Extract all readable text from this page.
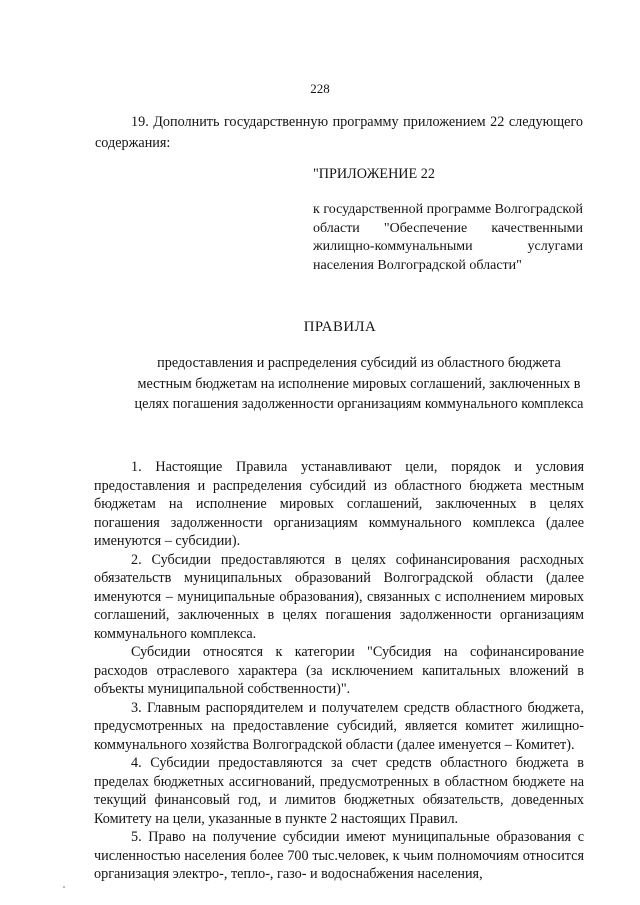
228

19. Дополнить государственную программу приложением 22 следующего содержания:

"ПРИЛОЖЕНИЕ 22
к государственной программе Волгоградской области "Обеспечение качественными жилищно-коммунальными услугами населения Волгоградской области"
ПРАВИЛА
предоставления и распределения субсидий из областного бюджета местным бюджетам на исполнение мировых соглашений, заключенных в целях погашения задолженности организациям коммунального комплекса

1. Настоящие Правила устанавливают цели, порядок и условия предоставления и распределения субсидий из областного бюджета местным бюджетам на исполнение мировых соглашений, заключенных в целях погашения задолженности организациям коммунального комплекса (далее именуются – субсидии).

2. Субсидии предоставляются в целях софинансирования расходных обязательств муниципальных образований Волгоградской области (далее именуются – муниципальные образования), связанных с исполнением мировых соглашений, заключенных в целях погашения задолженности организациям коммунального комплекса.

Субсидии относятся к категории "Субсидия на софинансирование расходов отраслевого характера (за исключением капитальных вложений в объекты муниципальной собственности)".

3. Главным распорядителем и получателем средств областного бюджета, предусмотренных на предоставление субсидий, является комитет жилищно-коммунального хозяйства Волгоградской области (далее именуется – Комитет).

4. Субсидии предоставляются за счет средств областного бюджета в пределах бюджетных ассигнований, предусмотренных в областном бюджете на текущий финансовый год, и лимитов бюджетных обязательств, доведенных Комитету на цели, указанные в пункте 2 настоящих Правил.

5. Право на получение субсидии имеют муниципальные образования с численностью населения более 700 тыс.человек, к чьим полномочиям относится организация электро-, тепло-, газо- и водоснабжения населения,
